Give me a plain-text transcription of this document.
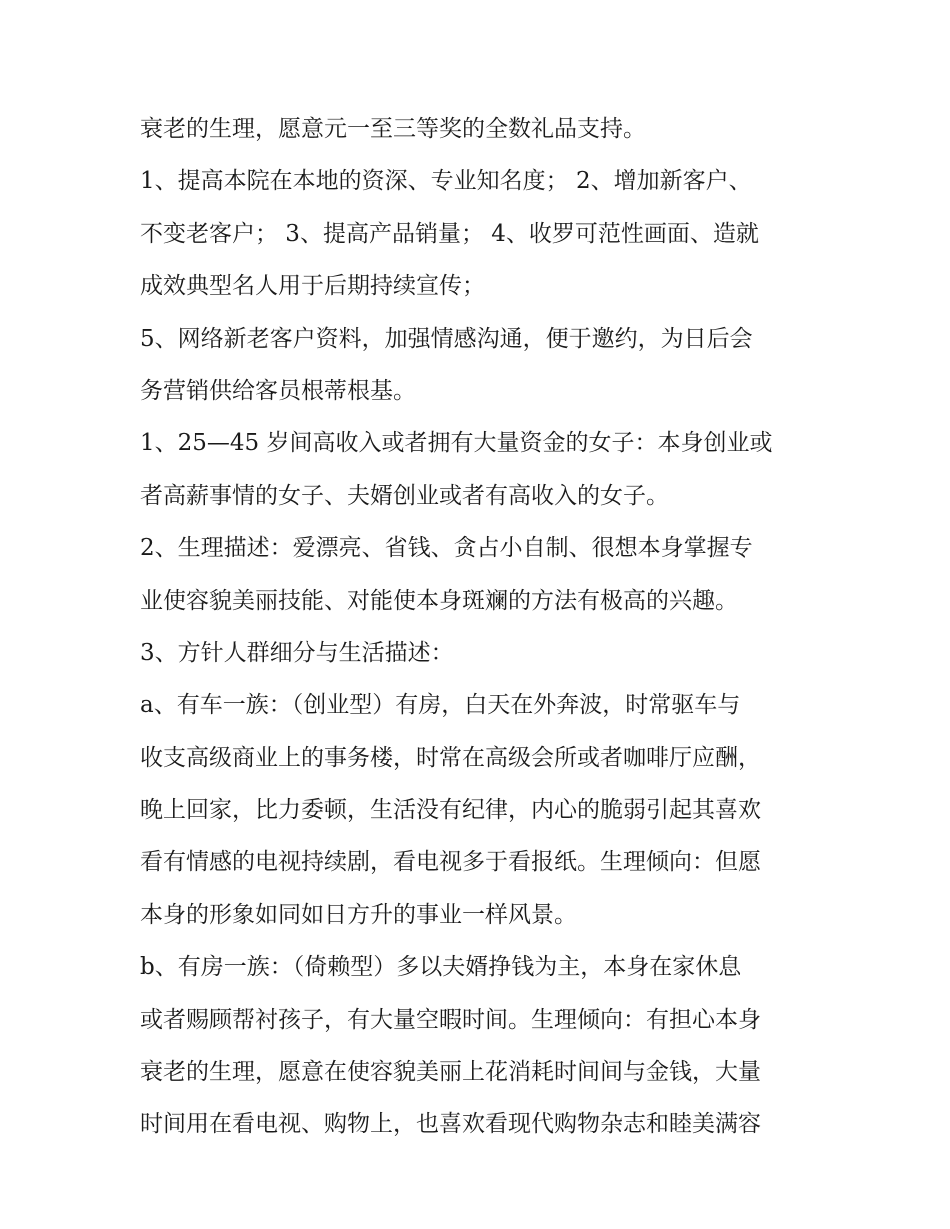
衰老的生理，愿意元一至三等奖的全数礼品支持。
1、提高本院在本地的资深、专业知名度； 2、增加新客户、
不变老客户； 3、提高产品销量； 4、收罗可范性画面、造就
成效典型名人用于后期持续宣传；
5、网络新老客户资料，加强情感沟通，便于邀约，为日后会
务营销供给客员根蒂根基。
1、25—45 岁间高收入或者拥有大量资金的女子：本身创业或
者高薪事情的女子、夫婿创业或者有高收入的女子。
2、生理描述：爱漂亮、省钱、贪占小自制、很想本身掌握专
业使容貌美丽技能、对能使本身斑斓的方法有极高的兴趣。
3、方针人群细分与生活描述：
a、有车一族：（创业型）有房，白天在外奔波，时常驱车与
收支高级商业上的事务楼，时常在高级会所或者咖啡厅应酬，
晚上回家，比力委顿，生活没有纪律，内心的脆弱引起其喜欢
看有情感的电视持续剧，看电视多于看报纸。生理倾向：但愿
本身的形象如同如日方升的事业一样风景。
b、有房一族：（倚赖型）多以夫婿挣钱为主，本身在家休息
或者赐顾帮衬孩子，有大量空暇时间。生理倾向：有担心本身
衰老的生理，愿意在使容貌美丽上花消耗时间间与金钱，大量
时间用在看电视、购物上，也喜欢看现代购物杂志和睦美满容
